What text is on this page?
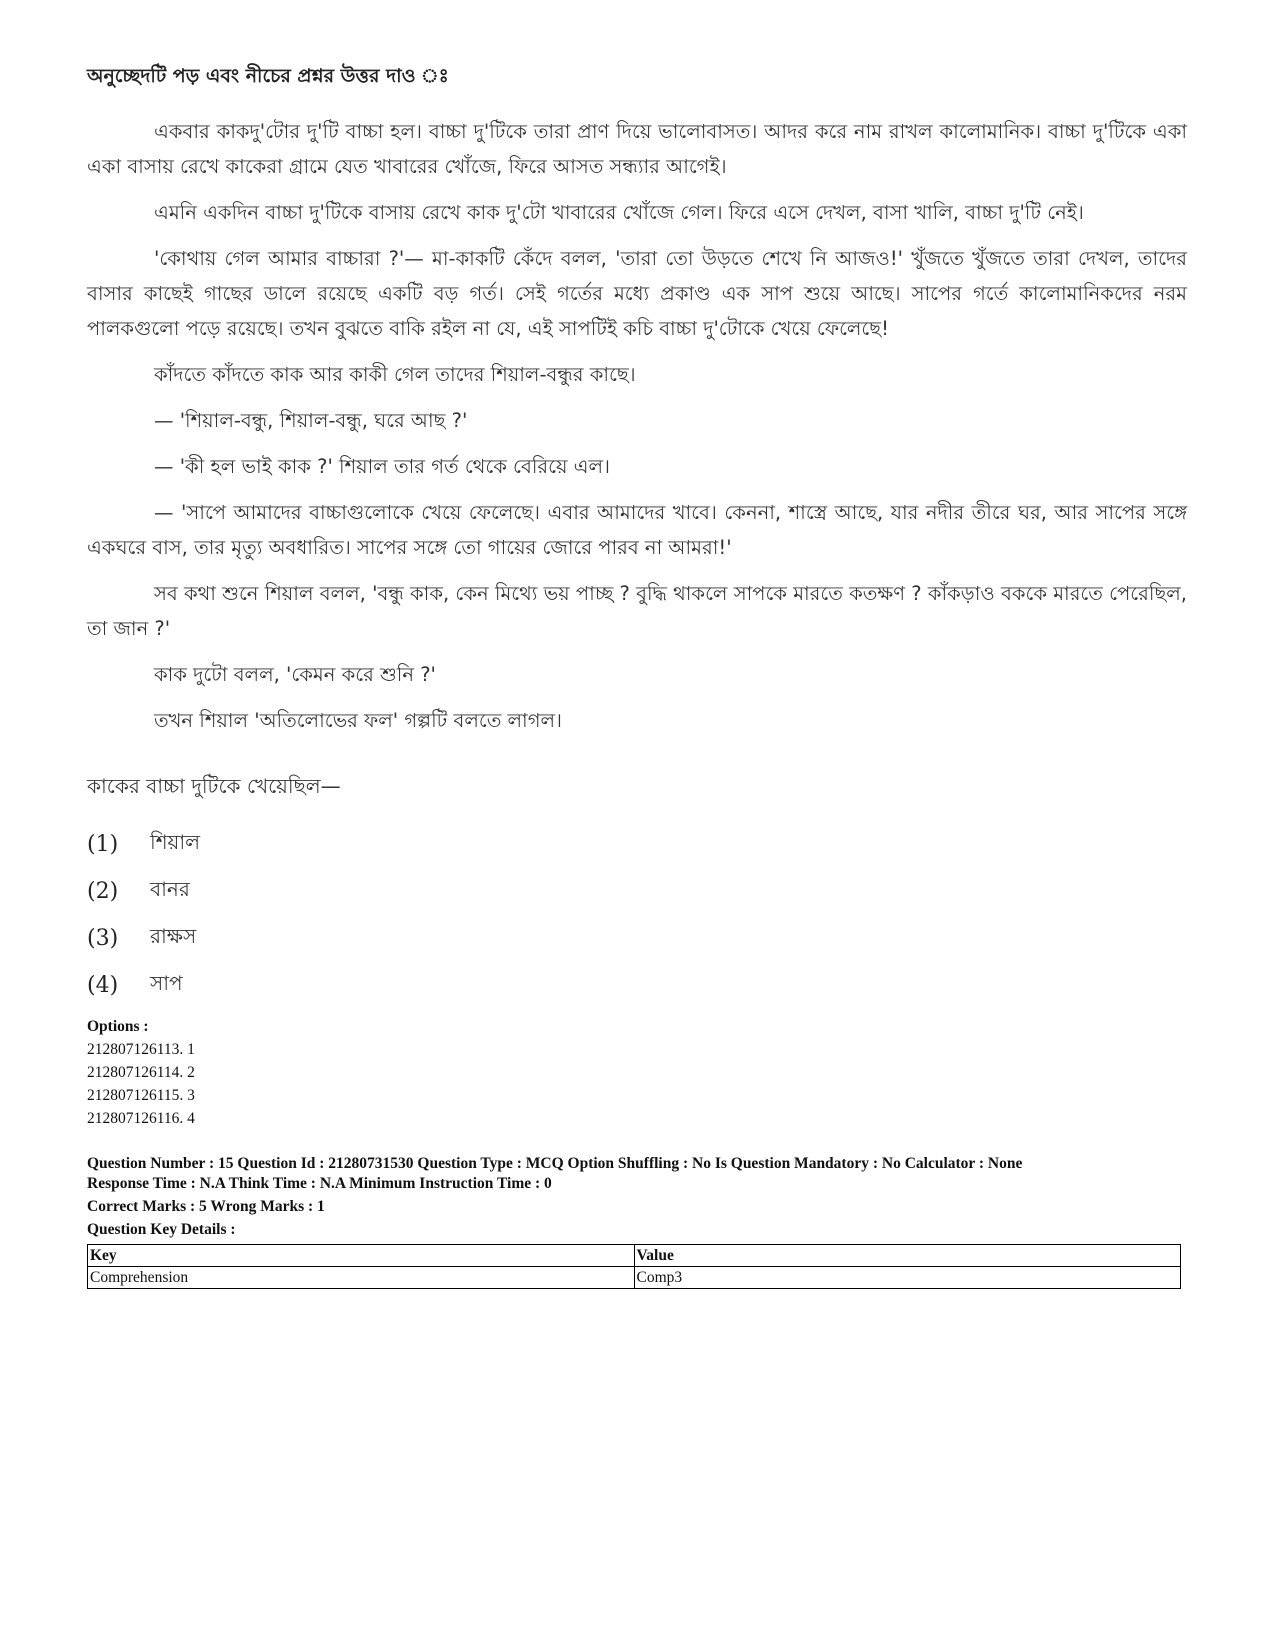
অনুচ্ছেদটি পড় এবং নীচের প্রশ্নর উত্তর দাও ঃ

একবার কাকদু'টোর দু'টি বাচ্চা হল। বাচ্চা দু'টিকে তারা প্রাণ দিয়ে ভালোবাসত। আদর করে নাম রাখল কালোমানিক। বাচ্চা দু'টিকে একা একা বাসায় রেখে কাকেরা গ্রামে যেত খাবারের খোঁজে, ফিরে আসত সন্ধ্যার আগেই।

এমনি একদিন বাচ্চা দু'টিকে বাসায় রেখে কাক দু'টো খাবারের খোঁজে গেল। ফিরে এসে দেখল, বাসা খালি, বাচ্চা দু'টি নেই।

'কোথায় গেল আমার বাচ্চারা ?'— মা-কাকটি কেঁদে বলল, 'তারা তো উড়তে শেখে নি আজও!' খুঁজতে খুঁজতে তারা দেখল, তাদের বাসার কাছেই গাছের ডালে রয়েছে একটি বড় গর্ত। সেই গর্তের মধ্যে প্রকাণ্ড এক সাপ শুয়ে আছে। সাপের গর্তে কালোমানিকদের নরম পালকগুলো পড়ে রয়েছে। তখন বুঝতে বাকি রইল না যে, এই সাপটিই কচি বাচ্চা দু'টোকে খেয়ে ফেলেছে!

কাঁদতে কাঁদতে কাক আর কাকী গেল তাদের শিয়াল-বন্ধুর কাছে।

— 'শিয়াল-বন্ধু, শিয়াল-বন্ধু, ঘরে আছ ?'

— 'কী হল ভাই কাক ?' শিয়াল তার গর্ত থেকে বেরিয়ে এল।

— 'সাপে আমাদের বাচ্চাগুলোকে খেয়ে ফেলেছে। এবার আমাদের খাবে। কেননা, শাস্ত্রে আছে, যার নদীর তীরে ঘর, আর সাপের সঙ্গে একঘরে বাস, তার মৃত্যু অবধারিত। সাপের সঙ্গে তো গায়ের জোরে পারব না আমরা!'

সব কথা শুনে শিয়াল বলল, 'বন্ধু কাক, কেন মিথ্যে ভয় পাচ্ছ ? বুদ্ধি থাকলে সাপকে মারতে কতক্ষণ ? কাঁকড়াও বককে মারতে পেরেছিল, তা জান ?'

কাক দুটো বলল, 'কেমন করে শুনি ?'

তখন শিয়াল 'অতিলোভের ফল' গল্পটি বলতে লাগল।

কাকের বাচ্চা দুটিকে খেয়েছিল—
(1)	শিয়াল
(2)	বানর
(3)	রাক্ষস
(4)	সাপ
Options :
212807126113. 1
212807126114. 2
212807126115. 3
212807126116. 4
Question Number : 15 Question Id : 21280731530 Question Type : MCQ Option Shuffling : No Is Question Mandatory : No Calculator : None
Response Time : N.A Think Time : N.A Minimum Instruction Time : 0
Correct Marks : 5 Wrong Marks : 1
Question Key Details :
Key	Value
Comprehension	Comp3
